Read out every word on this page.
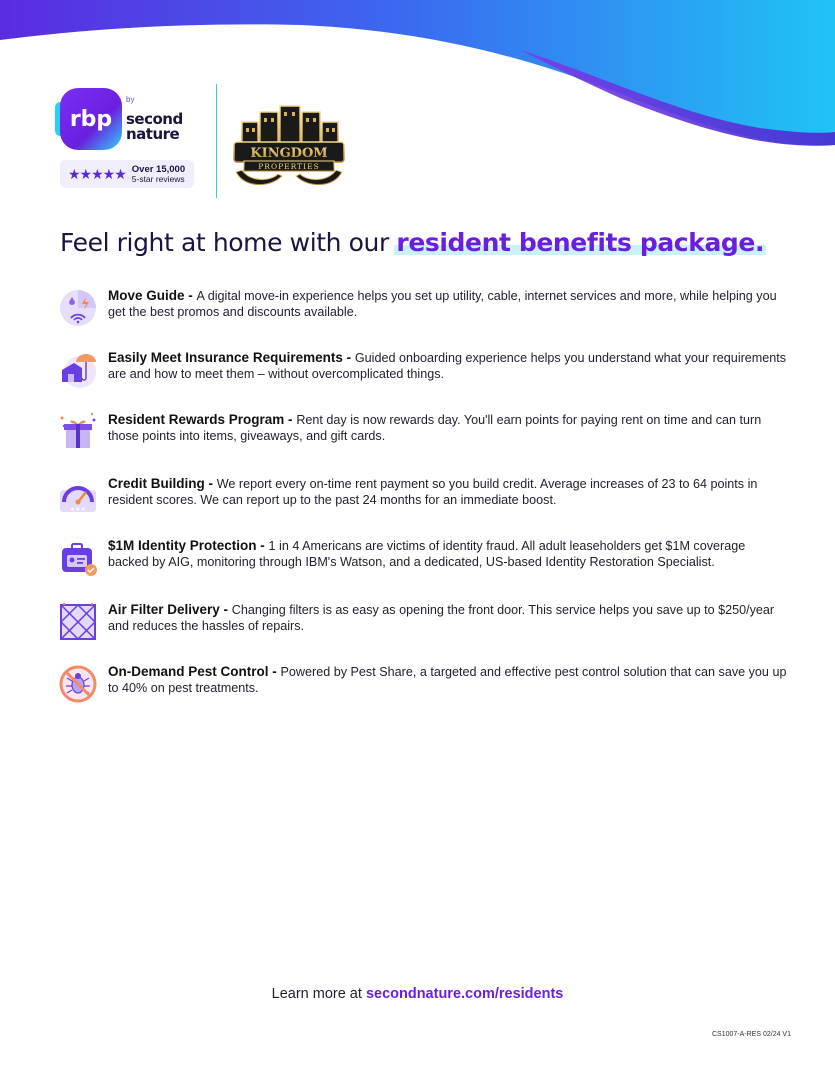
rbp
$^{by}$
second
nature
★★★★★ Over 15,000
5-star reviews
KINGDOM
PROPERTIES
Feel right at home with our resident benefits package.
Move Guide - A digital move-in experience helps you set up utility, cable, internet services and more, while helping you get the best promos and discounts available.
Easily Meet Insurance Requirements - Guided onboarding experience helps you understand what your requirements are and how to meet them – without overcomplicated things.
Resident Rewards Program - Rent day is now rewards day. You'll earn points for paying rent on time and can turn those points into items, giveaways, and gift cards.
★★★
Credit Building - We report every on-time rent payment so you build credit. Average increases of 23 to 64 points in resident scores. We can report up to the past 24 months for an immediate boost.
$1M Identity Protection - 1 in 4 Americans are victims of identity fraud. All adult leaseholders get $1M coverage backed by AIG, monitoring through IBM's Watson, and a dedicated, US-based Identity Restoration Specialist.
Air Filter Delivery - Changing filters is as easy as opening the front door. This service helps you save up to $250/year and reduces the hassles of repairs.
On-Demand Pest Control - Powered by Pest Share, a targeted and effective pest control solution that can save you up to 40% on pest treatments.
Learn more at secondnature.com/residents
CS1007-A-RES 02/24 V1
